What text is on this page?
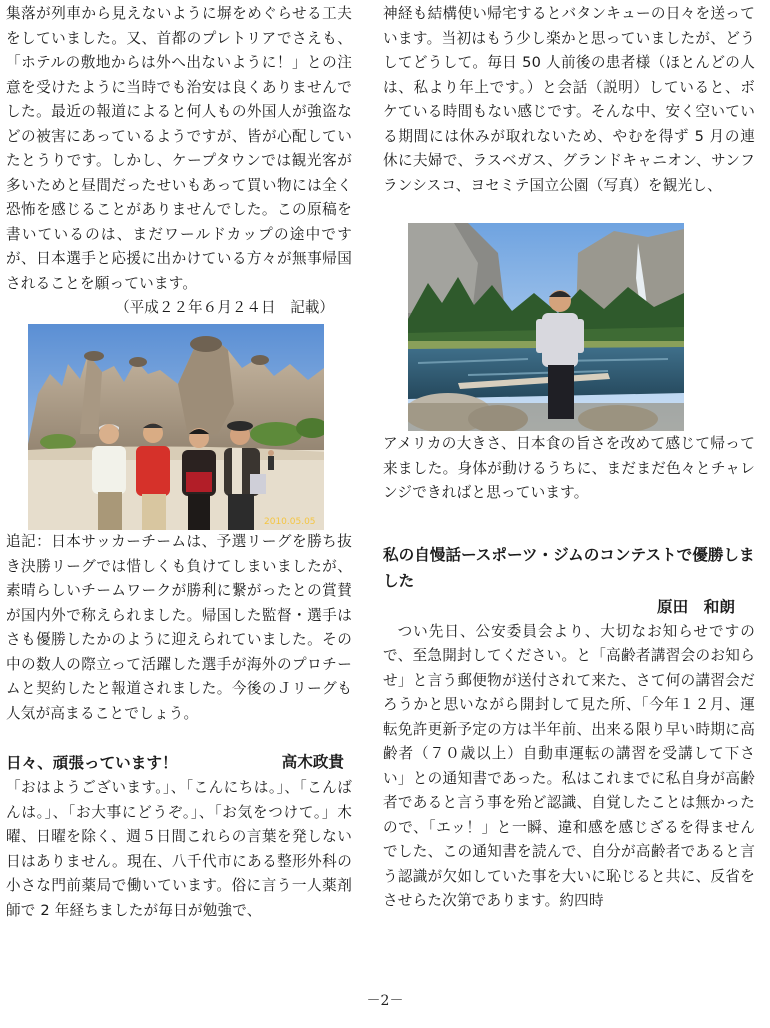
集落が列車から見えないように塀をめぐらせる工夫をしていました。又、首都のプレトリアでさえも、「ホテルの敷地からは外へ出ないように！」との注意を受けたように当時でも治安は良くありませんでした。最近の報道によると何人もの外国人が強盗などの被害にあっているようですが、皆が心配していたとうりです。しかし、ケープタウンでは観光客が多いためと昼間だったせいもあって買い物には全く恐怖を感じることがありませんでした。この原稿を書いているのは、まだワールドカップの途中ですが、日本選手と応援に出かけている方々が無事帰国されることを願っています。

（平成２２年６月２４日　記載）

2010.05.05

追記：日本サッカーチームは、予選リーグを勝ち抜き決勝リーグでは惜しくも負けてしまいましたが、素晴らしいチームワークが勝利に繋がったとの賞賛が国内外で称えられました。帰国した監督・選手はさも優勝したかのように迎えられていました。その中の数人の際立って活躍した選手が海外のプロチームと契約したと報道されました。今後のＪリーグも人気が高まることでしょう。

日々、頑張っています！	高木政貴

「おはようございます。」、「こんにちは。」、「こんばんは。」、「お大事にどうぞ。」、「お気をつけて。」木曜、日曜を除く、週５日間これらの言葉を発しない日はありません。現在、八千代市にある整形外科の小さな門前薬局で働いています。俗に言う一人薬剤師で 2 年経ちましたが毎日が勉強で、

神経も結構使い帰宅するとバタンキューの日々を送っています。当初はもう少し楽かと思っていましたが、どうしてどうして。毎日 50 人前後の患者様（ほとんどの人は、私より年上です。）と会話（説明）していると、ボケている時間もない感じです。そんな中、安く空いている期間には休みが取れないため、やむを得ず 5 月の連休に夫婦で、ラスベガス、グランドキャニオン、サンフランシスコ、ヨセミテ国立公園（写真）を観光し、

アメリカの大きさ、日本食の旨さを改めて感じて帰って来ました。身体が動けるうちに、まだまだ色々とチャレンジできればと思っています。

私の自慢話ースポーツ・ジムのコンテストで優勝しました

原田　和朗

つい先日、公安委員会より、大切なお知らせですので、至急開封してください。と「高齢者講習会のお知らせ」と言う郵便物が送付されて来た、さて何の講習会だろうかと思いながら開封して見た所、「今年１２月、運転免許更新予定の方は半年前、出来る限り早い時期に高齢者（７０歳以上）自動車運転の講習を受講して下さい」との通知書であった。私はこれまでに私自身が高齢者であると言う事を殆ど認識、自覚したことは無かったので、「エッ！」と一瞬、違和感を感じざるを得ませんでした、この通知書を読んで、自分が高齢者であると言う認識が欠如していた事を大いに恥じると共に、反省をさせらた次第であります。約四時

－2－
